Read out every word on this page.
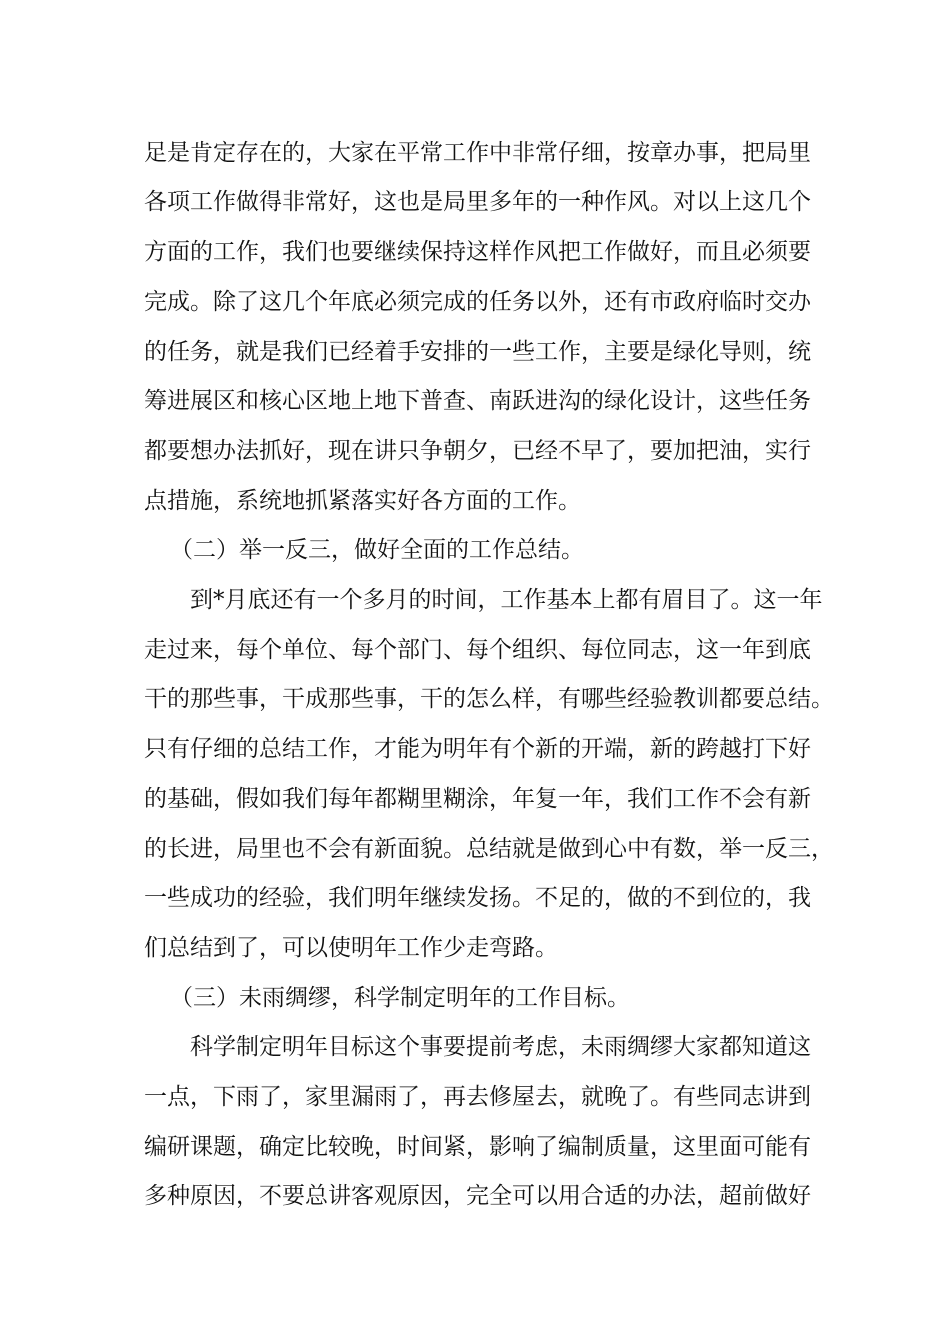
足是肯定存在的，大家在平常工作中非常仔细，按章办事，把局里
各项工作做得非常好，这也是局里多年的一种作风。对以上这几个
方面的工作，我们也要继续保持这样作风把工作做好，而且必须要
完成。除了这几个年底必须完成的任务以外，还有市政府临时交办
的任务，就是我们已经着手安排的一些工作，主要是绿化导则，统
筹进展区和核心区地上地下普查、南跃进沟的绿化设计，这些任务
都要想办法抓好，现在讲只争朝夕，已经不早了，要加把油，实行
点措施，系统地抓紧落实好各方面的工作。
（二）举一反三，做好全面的工作总结。
到*月底还有一个多月的时间，工作基本上都有眉目了。这一年
走过来，每个单位、每个部门、每个组织、每位同志，这一年到底
干的那些事，干成那些事，干的怎么样，有哪些经验教训都要总结。
只有仔细的总结工作，才能为明年有个新的开端，新的跨越打下好
的基础，假如我们每年都糊里糊涂，年复一年，我们工作不会有新
的长进，局里也不会有新面貌。总结就是做到心中有数，举一反三，
一些成功的经验，我们明年继续发扬。不足的，做的不到位的，我
们总结到了，可以使明年工作少走弯路。
（三）未雨绸缪，科学制定明年的工作目标。
科学制定明年目标这个事要提前考虑，未雨绸缪大家都知道这
一点，下雨了，家里漏雨了，再去修屋去，就晚了。有些同志讲到
编研课题，确定比较晚，时间紧，影响了编制质量，这里面可能有
多种原因，不要总讲客观原因，完全可以用合适的办法，超前做好
